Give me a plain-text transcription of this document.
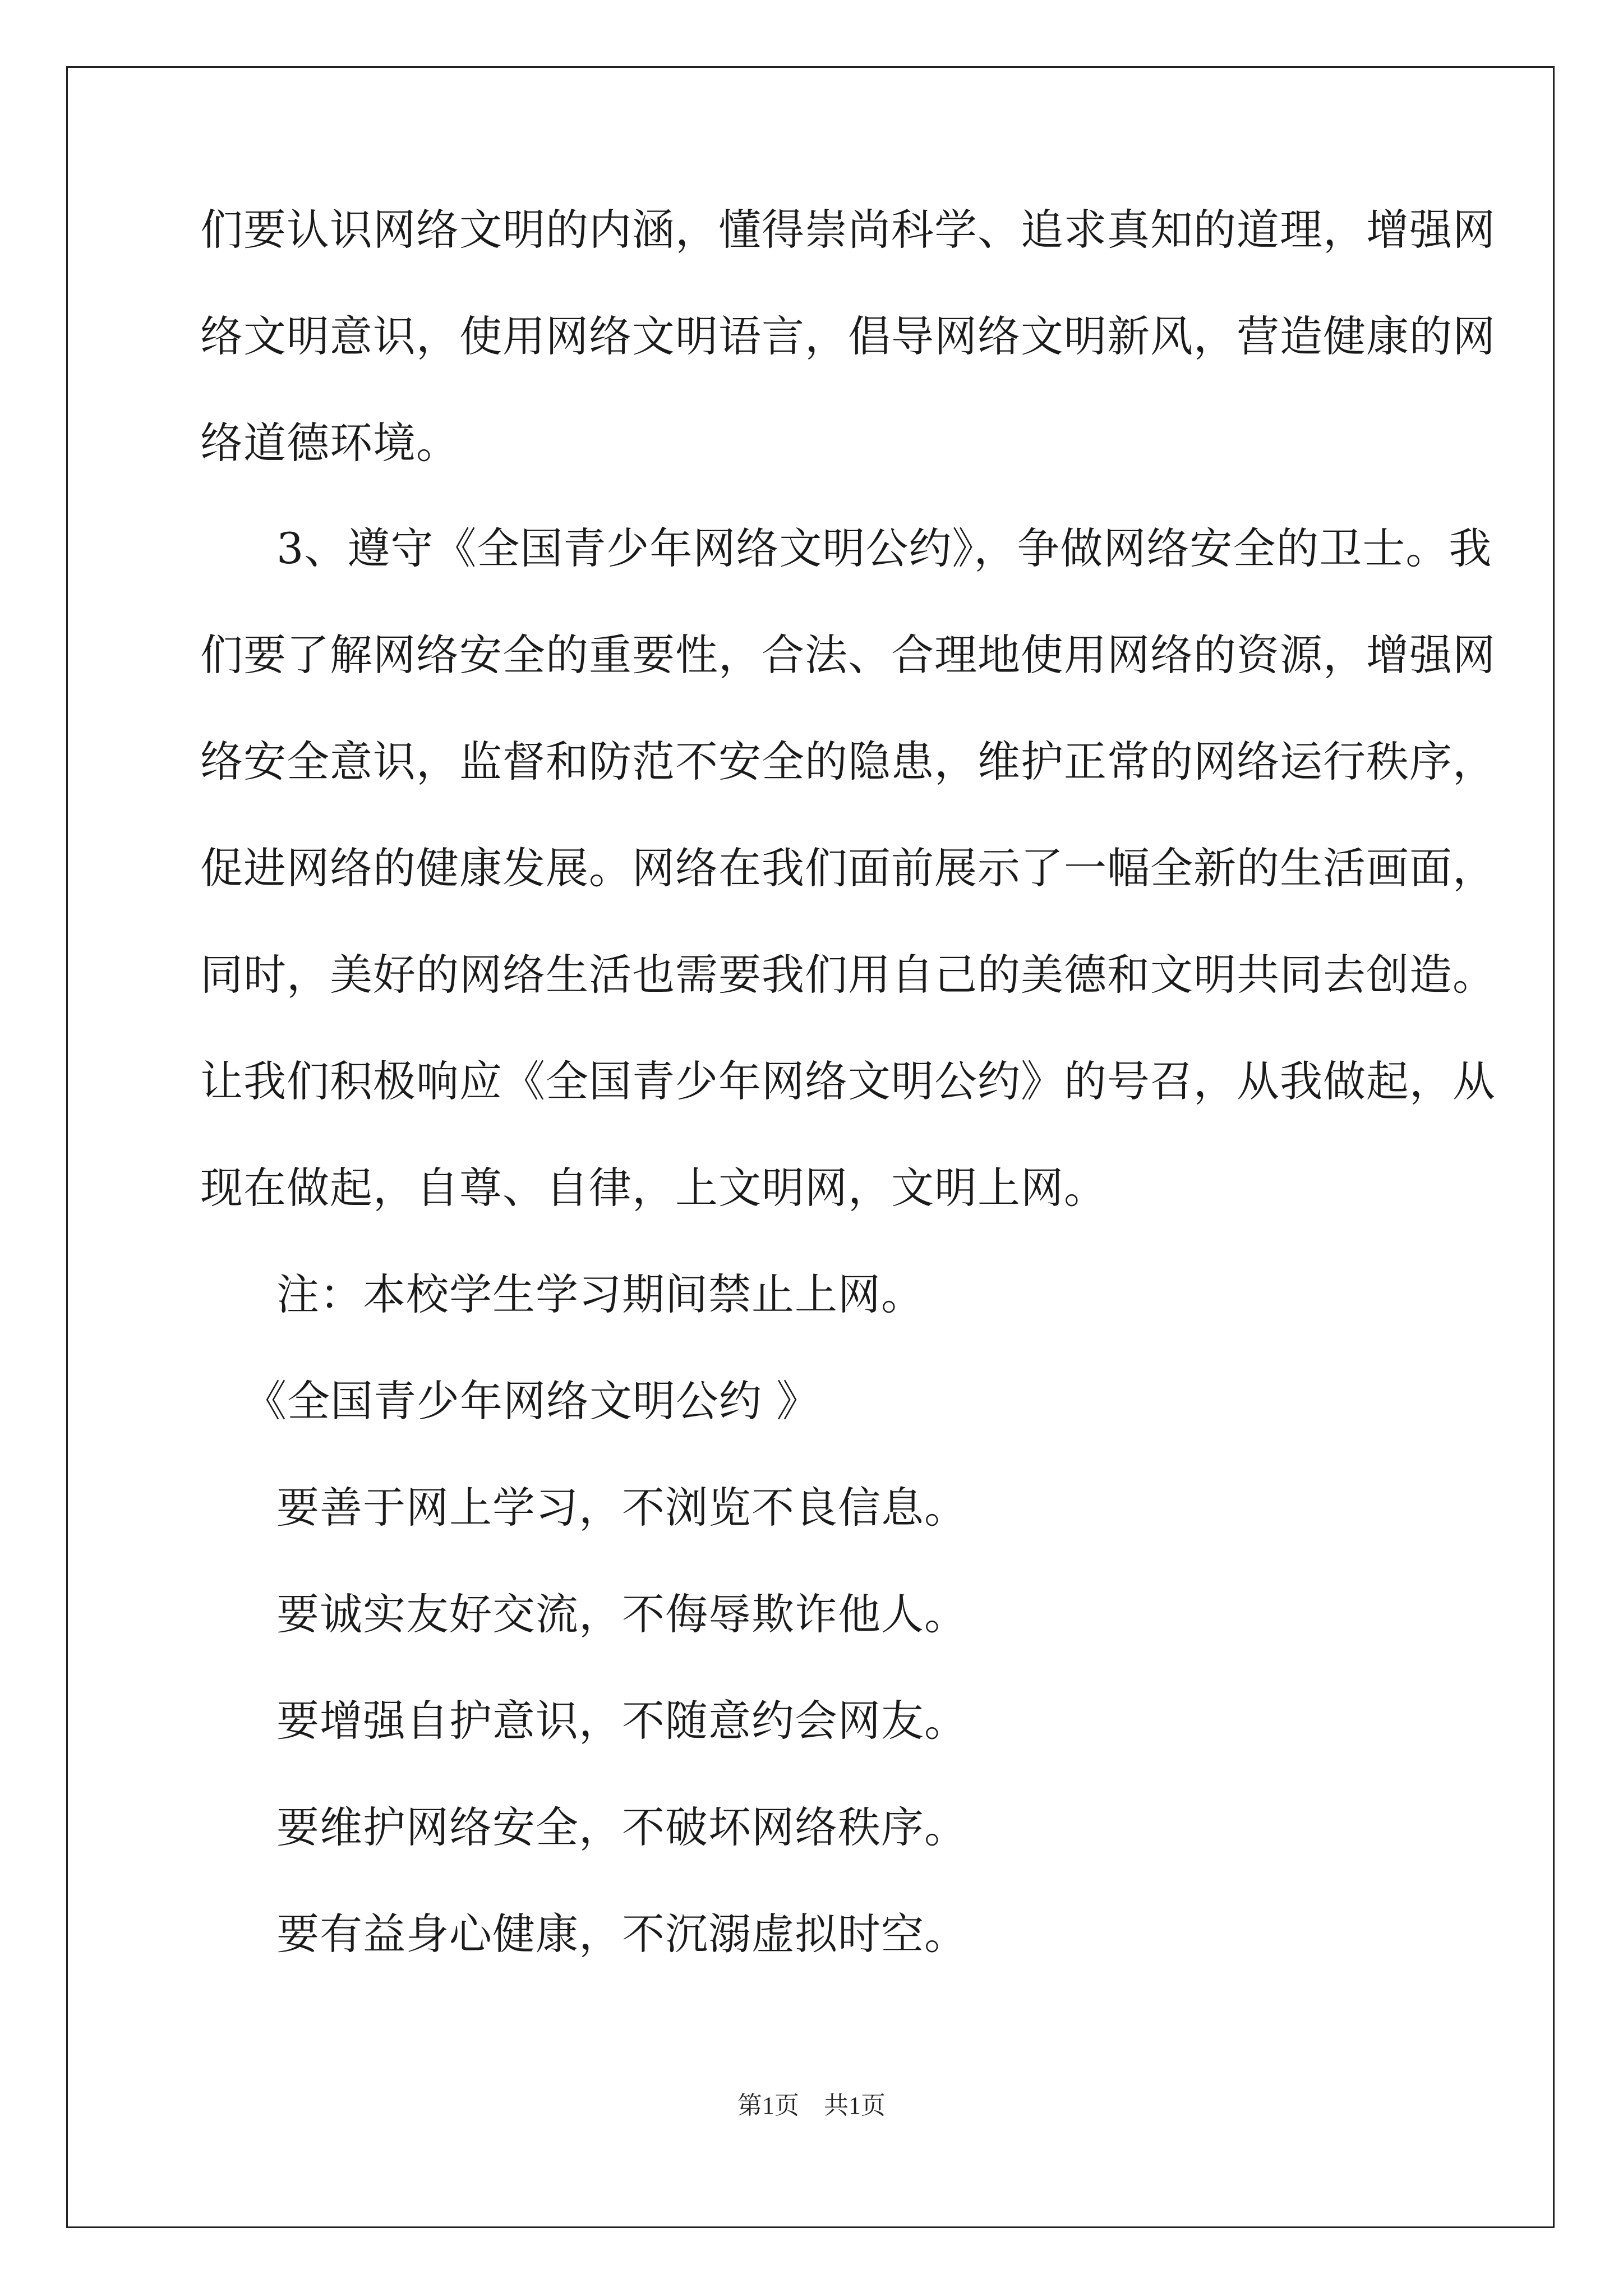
们要认识网络文明的内涵，懂得崇尚科学、追求真知的道理，增强网
络文明意识，使用网络文明语言，倡导网络文明新风，营造健康的网
络道德环境。
3、遵守《全国青少年网络文明公约》，争做网络安全的卫士。我
们要了解网络安全的重要性，合法、合理地使用网络的资源，增强网
络安全意识，监督和防范不安全的隐患，维护正常的网络运行秩序，
促进网络的健康发展。网络在我们面前展示了一幅全新的生活画面，
同时，美好的网络生活也需要我们用自己的美德和文明共同去创造。
让我们积极响应《全国青少年网络文明公约》的号召，从我做起，从
现在做起，自尊、自律，上文明网，文明上网。
注：本校学生学习期间禁止上网。
《全国青少年网络文明公约 》
要善于网上学习，不浏览不良信息。
要诚实友好交流，不侮辱欺诈他人。
要增强自护意识，不随意约会网友。
要维护网络安全，不破坏网络秩序。
要有益身心健康，不沉溺虚拟时空。
第1页 共1页
